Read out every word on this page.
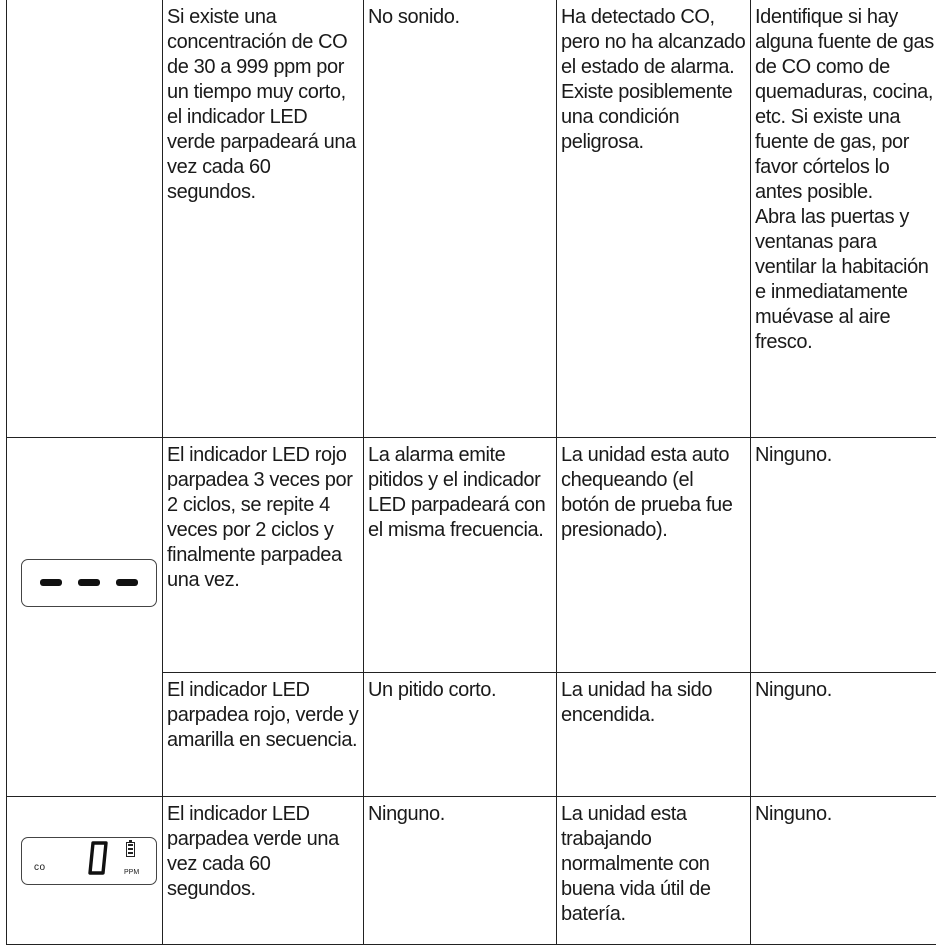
	Si existe una concentración de CO de 30 a 999 ppm por un tiempo muy corto, el indicador LED verde parpadeará una vez cada 60 segundos.	No sonido.	Ha detectado CO, pero no ha alcanzado el estado de alarma. Existe posiblemente una condición peligrosa.	Identifique si hay alguna fuente de gas de CO como de quemaduras, cocina, etc. Si existe una fuente de gas, por favor córtelos lo antes posible.
Abra las puertas y ventanas para ventilar la habitación e inmediatamente muévase al aire fresco.

	El indicador LED rojo parpadea 3 veces por 2 ciclos, se repite 4 veces por 2 ciclos y finalmente parpadea una vez.	La alarma emite pitidos y el indicador LED parpadeará con el misma frecuencia.	La unidad esta auto chequeando (el botón de prueba fue presionado).	Ninguno.
	El indicador LED parpadea rojo, verde y amarilla en secuencia.	Un pitido corto.	La unidad ha sido encendida.	Ninguno.

co PPM	El indicador LED parpadea verde una vez cada 60 segundos.	Ninguno.	La unidad esta trabajando normalmente con buena vida útil de batería.	Ninguno.
